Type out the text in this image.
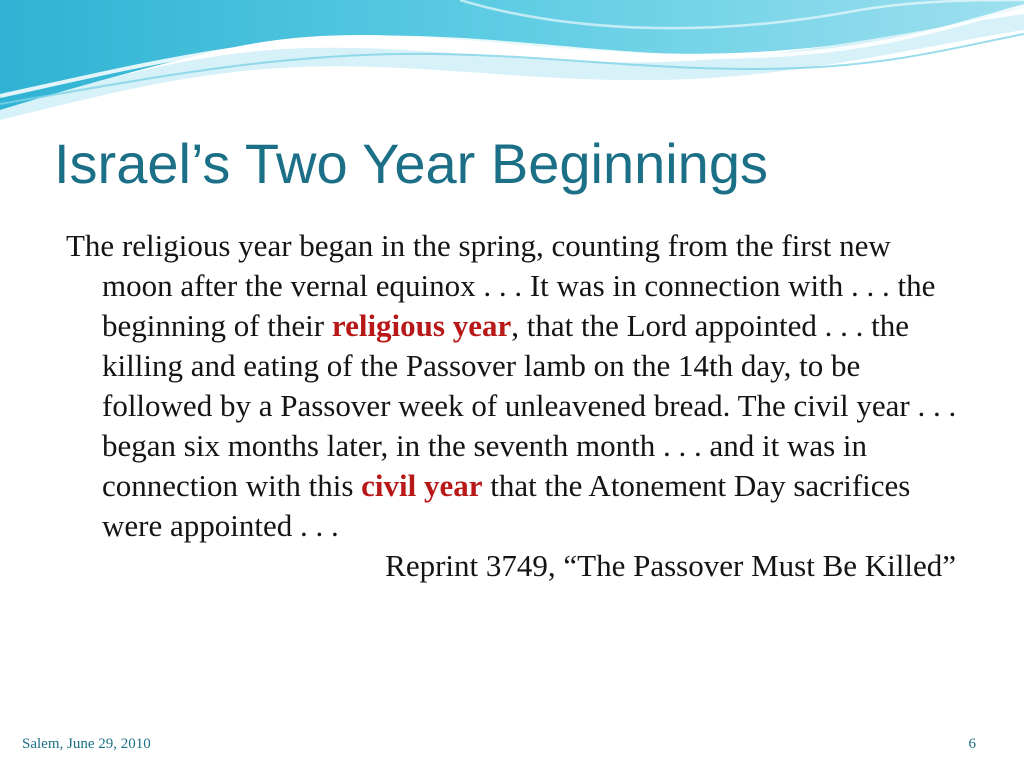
Israel’s Two Year Beginnings

The religious year began in the spring, counting from the first new moon after the vernal equinox . . . It was in connection with . . . the beginning of their religious year, that the Lord appointed . . . the killing and eating of the Passover lamb on the 14th day, to be followed by a Passover week of unleavened bread. The civil year . . . began six months later, in the seventh month . . . and it was in connection with this civil year that the Atonement Day sacrifices were appointed . . .

Reprint 3749, “The Passover Must Be Killed”

Salem, June 29, 2010	6
